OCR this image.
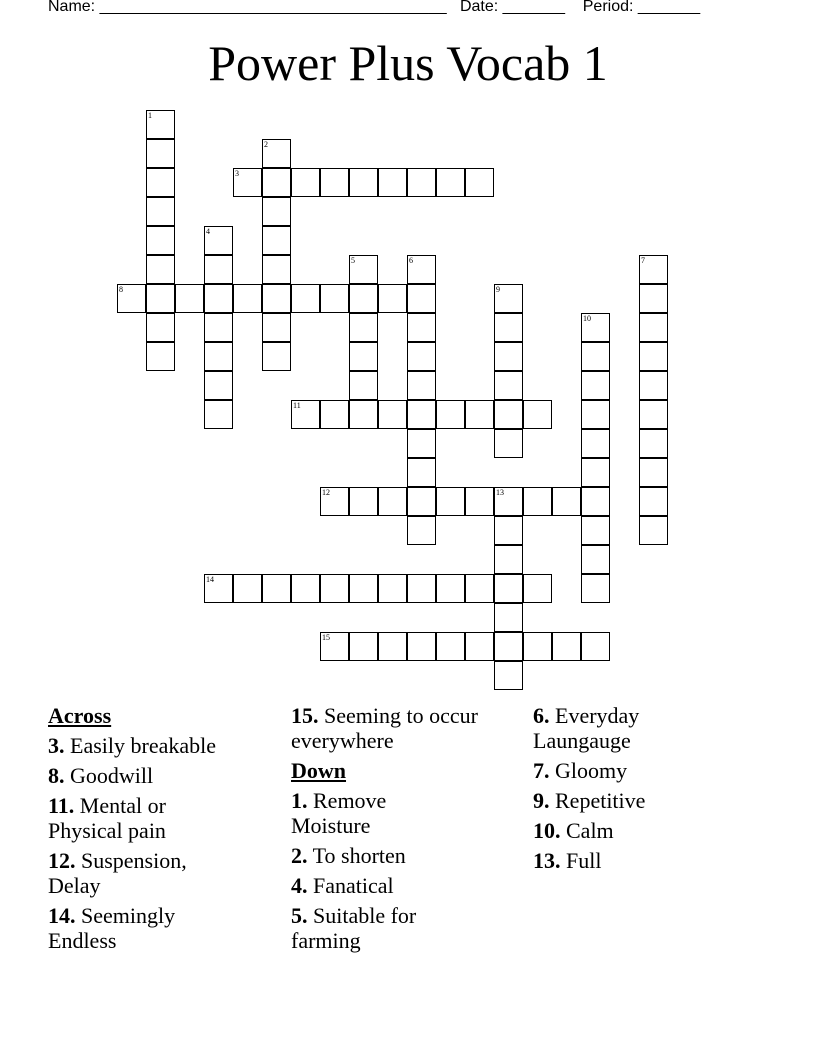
Name: _______________________________________ Date: _______ Period: _______
Power Plus Vocab 1
1
2
3
4
5	6	7
8	9
10
11
12	13
14
15
Across
3. Easily breakable
8. Goodwill
11. Mental or Physical pain
12. Suspension, Delay
14. Seemingly Endless
15. Seeming to occur everywhere
Down
1. Remove Moisture
2. To shorten
4. Fanatical
5. Suitable for farming
6. Everyday Laungauge
7. Gloomy
9. Repetitive
10. Calm
13. Full
